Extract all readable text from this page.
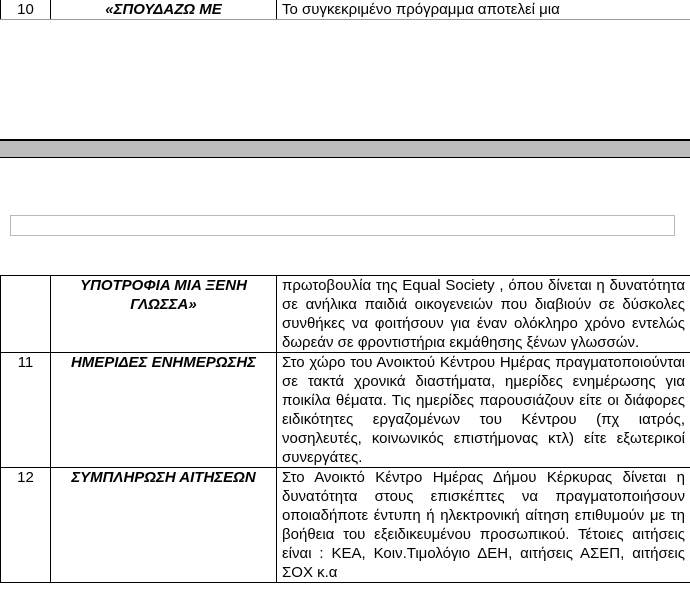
10	«ΣΠΟΥΔΑΖΩ ΜΕ	Το συγκεκριμένο πρόγραμμα αποτελεί μια
	ΥΠΟΤΡΟΦΙΑ ΜΙΑ ΞΕΝΗ ΓΛΩΣΣΑ»	πρωτοβουλία της Equal Society , όπου δίνεται η δυνατότητα σε ανήλικα παιδιά οικογενειών που διαβιούν σε δύσκολες συνθήκες να φοιτήσουν για έναν ολόκληρο χρόνο εντελώς δωρεάν σε φροντιστήρια εκμάθησης ξένων γλωσσών.
11	ΗΜΕΡΙΔΕΣ ΕΝΗΜΕΡΩΣΗΣ	Στο χώρο του Ανοικτού Κέντρου Ημέρας πραγματοποιούνται σε τακτά χρονικά διαστήματα, ημερίδες ενημέρωσης για ποικίλα θέματα. Τις ημερίδες παρουσιάζουν είτε οι διάφορες ειδικότητες εργαζομένων του Κέντρου (πχ ιατρός, νοσηλευτές, κοινωνικός επιστήμονας κτλ) είτε εξωτερικοί συνεργάτες.
12	ΣΥΜΠΛΗΡΩΣΗ ΑΙΤΗΣΕΩΝ	Στο Ανοικτό Κέντρο Ημέρας Δήμου Κέρκυρας δίνεται η δυνατότητα στους επισκέπτες να πραγματοποιήσουν οποιαδήποτε έντυπη ή ηλεκτρονική αίτηση επιθυμούν με τη βοήθεια του εξειδικευμένου προσωπικού. Τέτοιες αιτήσεις είναι : ΚΕΑ, Κοιν.Τιμολόγιο ΔΕΗ, αιτήσεις ΑΣΕΠ, αιτήσεις ΣΟΧ κ.α
